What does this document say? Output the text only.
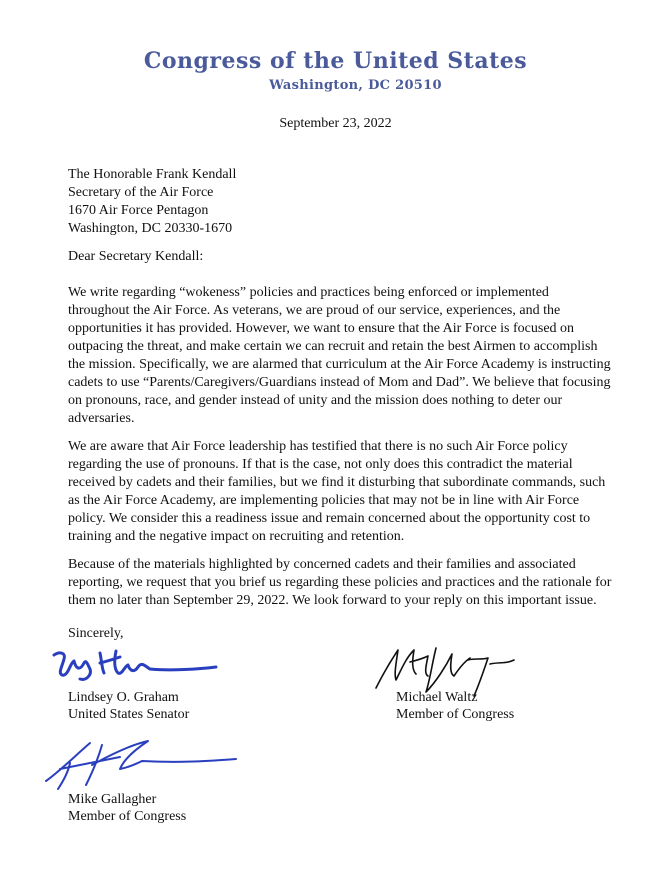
Congress of the United States
Washington, DC 20510
September 23, 2022
The Honorable Frank Kendall
Secretary of the Air Force
1670 Air Force Pentagon
Washington, DC 20330-1670
Dear Secretary Kendall:
We write regarding “wokeness” policies and practices being enforced or implemented throughout the Air Force. As veterans, we are proud of our service, experiences, and the opportunities it has provided. However, we want to ensure that the Air Force is focused on outpacing the threat, and make certain we can recruit and retain the best Airmen to accomplish the mission. Specifically, we are alarmed that curriculum at the Air Force Academy is instructing cadets to use “Parents/Caregivers/Guardians instead of Mom and Dad”. We believe that focusing on pronouns, race, and gender instead of unity and the mission does nothing to deter our adversaries.
We are aware that Air Force leadership has testified that there is no such Air Force policy regarding the use of pronouns. If that is the case, not only does this contradict the material received by cadets and their families, but we find it disturbing that subordinate commands, such as the Air Force Academy, are implementing policies that may not be in line with Air Force policy. We consider this a readiness issue and remain concerned about the opportunity cost to training and the negative impact on recruiting and retention.
Because of the materials highlighted by concerned cadets and their families and associated reporting, we request that you brief us regarding these policies and practices and the rationale for them no later than September 29, 2022. We look forward to your reply on this important issue.
Sincerely,
Lindsey O. Graham
United States Senator
Michael Waltz
Member of Congress
Mike Gallagher
Member of Congress
